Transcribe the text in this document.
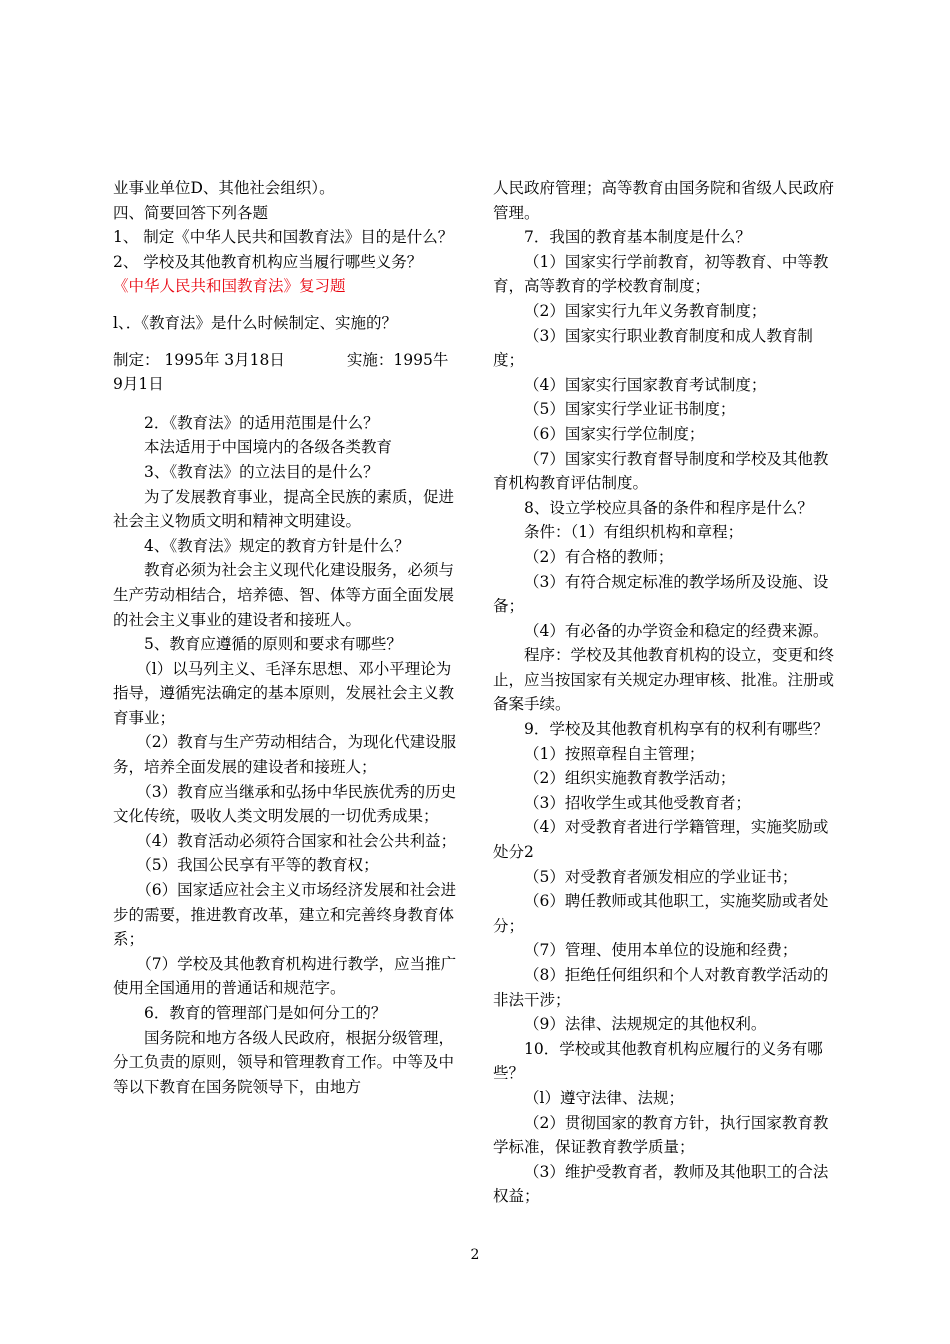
业事业单位D、其他社会组织）。

四、简要回答下列各题

1、 制定《中华人民共和国教育法》目的是什么？

2、 学校及其他教育机构应当履行哪些义务？

《中华人民共和国教育法》复习题

l、．《教育法》是什么时候制定、实施的？

制定： 1995年 3月18日　　　　实施：1995牛 9月1日

2．《教育法》的适用范围是什么？

本法适用于中国境内的各级各类教育

3、《教育法》的立法目的是什么？

为了发展教育事业，提高全民族的素质，促进社会主义物质文明和精神文明建设。

4、《教育法》规定的教育方针是什么？

教育必须为社会主义现代化建设服务，必须与生产劳动相结合，培养德、智、体等方面全面发展的社会主义事业的建设者和接班人。

5、教育应遵循的原则和要求有哪些？

（l）以马列主义、毛泽东思想、邓小平理论为指导，遵循宪法确定的基本原则，发展社会主义教育事业；

（2）教育与生产劳动相结合，为现化代建设服务，培养全面发展的建设者和接班人；

（3）教育应当继承和弘扬中华民族优秀的历史文化传统，吸收人类文明发展的一切优秀成果；

（4）教育活动必须符合国家和社会公共利益；

（5）我国公民享有平等的教育权；

（6）国家适应社会主义市场经济发展和社会进步的需要，推进教育改革，建立和完善终身教育体系；

（7）学校及其他教育机构进行教学，应当推广使用全国通用的普通话和规范字。

6．教育的管理部门是如何分工的？

国务院和地方各级人民政府，根据分级管理，分工负责的原则，领导和管理教育工作。中等及中等以下教育在国务院领导下，由地方

人民政府管理；高等教育由国务院和省级人民政府管理。

7．我国的教育基本制度是什么？

（1）国家实行学前教育，初等教育、中等教育，高等教育的学校教育制度；

（2）国家实行九年义务教育制度；

（3）国家实行职业教育制度和成人教育制度；

（4）国家实行国家教育考试制度；

（5）国家实行学业证书制度；

（6）国家实行学位制度；

（7）国家实行教育督导制度和学校及其他教育机构教育评估制度。

8、设立学校应具备的条件和程序是什么？

条件：（1）有组织机构和章程；

（2）有合格的教师；

（3）有符合规定标准的教学场所及设施、设备；

（4）有必备的办学资金和稳定的经费来源。

程序：学校及其他教育机构的设立，变更和终止，应当按国家有关规定办理审核、批准。注册或备案手续。

9．学校及其他教育机构享有的权利有哪些？

（1）按照章程自主管理；

（2）组织实施教育教学活动；

（3）招收学生或其他受教育者；

（4）对受教育者进行学籍管理，实施奖励或处分2

（5）对受教育者颁发相应的学业证书；

（6）聘任教师或其他职工，实施奖励或者处分；

（7）管理、使用本单位的设施和经费；

（8）拒绝任何组织和个人对教育教学活动的非法干涉；

（9）法律、法规规定的其他权利。

10．学校或其他教育机构应履行的义务有哪些？

（l）遵守法律、法规；

（2）贯彻国家的教育方针，执行国家教育教学标准，保证教育教学质量；

（3）维护受教育者，教师及其他职工的合法权益；

2
